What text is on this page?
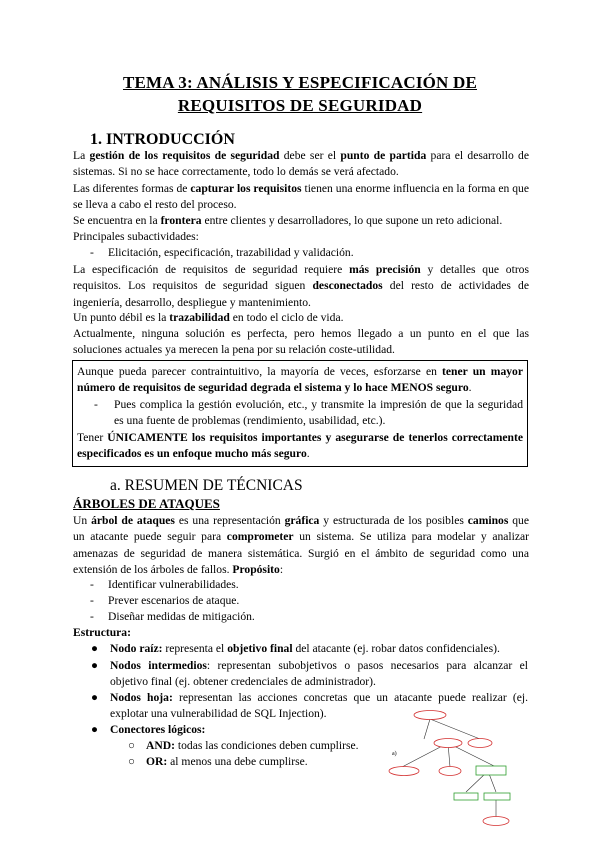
TEMA 3: ANÁLISIS Y ESPECIFICACIÓN DE
REQUISITOS DE SEGURIDAD
1. INTRODUCCIÓN
La gestión de los requisitos de seguridad debe ser el punto de partida para el desarrollo de sistemas. Si no se hace correctamente, todo lo demás se verá afectado.
Las diferentes formas de capturar los requisitos tienen una enorme influencia en la forma en que se lleva a cabo el resto del proceso.
Se encuentra en la frontera entre clientes y desarrolladores, lo que supone un reto adicional.
Principales subactividades:
- Elicitación, especificación, trazabilidad y validación.
La especificación de requisitos de seguridad requiere más precisión y detalles que otros requisitos. Los requisitos de seguridad siguen desconectados del resto de actividades de ingeniería, desarrollo, despliegue y mantenimiento.
Un punto débil es la trazabilidad en todo el ciclo de vida.
Actualmente, ninguna solución es perfecta, pero hemos llegado a un punto en el que las soluciones actuales ya merecen la pena por su relación coste-utilidad.
Aunque pueda parecer contraintuitivo, la mayoría de veces, esforzarse en tener un mayor número de requisitos de seguridad degrada el sistema y lo hace MENOS seguro.
- Pues complica la gestión evolución, etc., y transmite la impresión de que la seguridad es una fuente de problemas (rendimiento, usabilidad, etc.).
Tener ÚNICAMENTE los requisitos importantes y asegurarse de tenerlos correctamente especificados es un enfoque mucho más seguro.
a. RESUMEN DE TÉCNICAS
ÁRBOLES DE ATAQUES
Un árbol de ataques es una representación gráfica y estructurada de los posibles caminos que un atacante puede seguir para comprometer un sistema. Se utiliza para modelar y analizar amenazas de seguridad de manera sistemática. Surgió en el ámbito de seguridad como una extensión de los árboles de fallos. Propósito:
- Identificar vulnerabilidades.
- Prever escenarios de ataque.
- Diseñar medidas de mitigación.
Estructura:
● Nodo raíz: representa el objetivo final del atacante (ej. robar datos confidenciales).
● Nodos intermedios: representan subobjetivos o pasos necesarios para alcanzar el objetivo final (ej. obtener credenciales de administrador).
● Nodos hoja: representan las acciones concretas que un atacante puede realizar (ej. explotar una vulnerabilidad de SQL Injection).
● Conectores lógicos:
○ AND: todas las condiciones deben cumplirse.
○ OR: al menos una debe cumplirse.
a)
